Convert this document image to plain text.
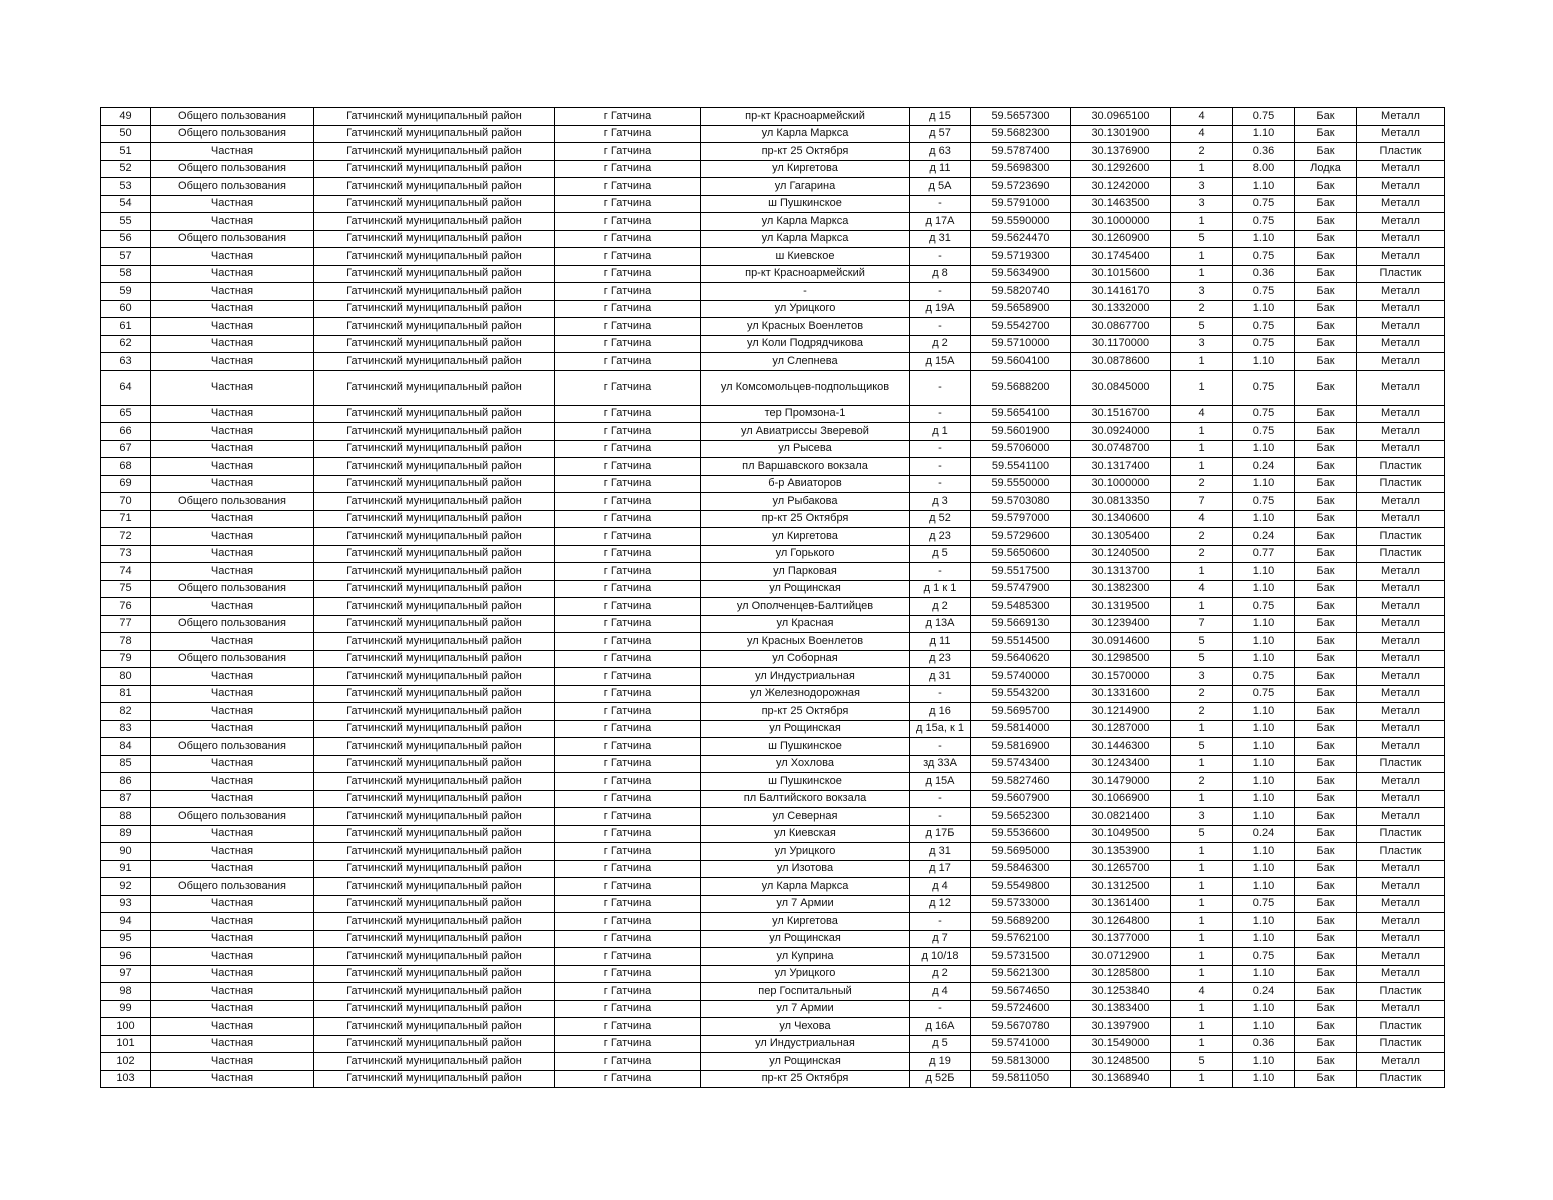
49	Общего пользования	Гатчинский муниципальный район	г Гатчина	пр-кт Красноармейский	д 15	59.5657300	30.0965100	4	0.75	Бак	Металл
50	Общего пользования	Гатчинский муниципальный район	г Гатчина	ул Карла Маркса	д 57	59.5682300	30.1301900	4	1.10	Бак	Металл
51	Частная	Гатчинский муниципальный район	г Гатчина	пр-кт 25 Октября	д 63	59.5787400	30.1376900	2	0.36	Бак	Пластик
52	Общего пользования	Гатчинский муниципальный район	г Гатчина	ул Киргетова	д 11	59.5698300	30.1292600	1	8.00	Лодка	Металл
53	Общего пользования	Гатчинский муниципальный район	г Гатчина	ул Гагарина	д 5А	59.5723690	30.1242000	3	1.10	Бак	Металл
54	Частная	Гатчинский муниципальный район	г Гатчина	ш Пушкинское	-	59.5791000	30.1463500	3	0.75	Бак	Металл
55	Частная	Гатчинский муниципальный район	г Гатчина	ул Карла Маркса	д 17А	59.5590000	30.1000000	1	0.75	Бак	Металл
56	Общего пользования	Гатчинский муниципальный район	г Гатчина	ул Карла Маркса	д 31	59.5624470	30.1260900	5	1.10	Бак	Металл
57	Частная	Гатчинский муниципальный район	г Гатчина	ш Киевское	-	59.5719300	30.1745400	1	0.75	Бак	Металл
58	Частная	Гатчинский муниципальный район	г Гатчина	пр-кт Красноармейский	д 8	59.5634900	30.1015600	1	0.36	Бак	Пластик
59	Частная	Гатчинский муниципальный район	г Гатчина	-	-	59.5820740	30.1416170	3	0.75	Бак	Металл
60	Частная	Гатчинский муниципальный район	г Гатчина	ул Урицкого	д 19А	59.5658900	30.1332000	2	1.10	Бак	Металл
61	Частная	Гатчинский муниципальный район	г Гатчина	ул Красных Военлетов	-	59.5542700	30.0867700	5	0.75	Бак	Металл
62	Частная	Гатчинский муниципальный район	г Гатчина	ул Коли Подрядчикова	д 2	59.5710000	30.1170000	3	0.75	Бак	Металл
63	Частная	Гатчинский муниципальный район	г Гатчина	ул Слепнева	д 15А	59.5604100	30.0878600	1	1.10	Бак	Металл
64	Частная	Гатчинский муниципальный район	г Гатчина	ул Комсомольцев-подпольщиков	-	59.5688200	30.0845000	1	0.75	Бак	Металл
65	Частная	Гатчинский муниципальный район	г Гатчина	тер Промзона-1	-	59.5654100	30.1516700	4	0.75	Бак	Металл
66	Частная	Гатчинский муниципальный район	г Гатчина	ул Авиатриссы Зверевой	д 1	59.5601900	30.0924000	1	0.75	Бак	Металл
67	Частная	Гатчинский муниципальный район	г Гатчина	ул Рысева	-	59.5706000	30.0748700	1	1.10	Бак	Металл
68	Частная	Гатчинский муниципальный район	г Гатчина	пл Варшавского вокзала	-	59.5541100	30.1317400	1	0.24	Бак	Пластик
69	Частная	Гатчинский муниципальный район	г Гатчина	б-р Авиаторов	-	59.5550000	30.1000000	2	1.10	Бак	Пластик
70	Общего пользования	Гатчинский муниципальный район	г Гатчина	ул Рыбакова	д 3	59.5703080	30.0813350	7	0.75	Бак	Металл
71	Частная	Гатчинский муниципальный район	г Гатчина	пр-кт 25 Октября	д 52	59.5797000	30.1340600	4	1.10	Бак	Металл
72	Частная	Гатчинский муниципальный район	г Гатчина	ул Киргетова	д 23	59.5729600	30.1305400	2	0.24	Бак	Пластик
73	Частная	Гатчинский муниципальный район	г Гатчина	ул Горького	д 5	59.5650600	30.1240500	2	0.77	Бак	Пластик
74	Частная	Гатчинский муниципальный район	г Гатчина	ул Парковая	-	59.5517500	30.1313700	1	1.10	Бак	Металл
75	Общего пользования	Гатчинский муниципальный район	г Гатчина	ул Рощинская	д 1 к 1	59.5747900	30.1382300	4	1.10	Бак	Металл
76	Частная	Гатчинский муниципальный район	г Гатчина	ул Ополченцев-Балтийцев	д 2	59.5485300	30.1319500	1	0.75	Бак	Металл
77	Общего пользования	Гатчинский муниципальный район	г Гатчина	ул Красная	д 13А	59.5669130	30.1239400	7	1.10	Бак	Металл
78	Частная	Гатчинский муниципальный район	г Гатчина	ул Красных Военлетов	д 11	59.5514500	30.0914600	5	1.10	Бак	Металл
79	Общего пользования	Гатчинский муниципальный район	г Гатчина	ул Соборная	д 23	59.5640620	30.1298500	5	1.10	Бак	Металл
80	Частная	Гатчинский муниципальный район	г Гатчина	ул Индустриальная	д 31	59.5740000	30.1570000	3	0.75	Бак	Металл
81	Частная	Гатчинский муниципальный район	г Гатчина	ул Железнодорожная	-	59.5543200	30.1331600	2	0.75	Бак	Металл
82	Частная	Гатчинский муниципальный район	г Гатчина	пр-кт 25 Октября	д 16	59.5695700	30.1214900	2	1.10	Бак	Металл
83	Частная	Гатчинский муниципальный район	г Гатчина	ул Рощинская	д 15а, к 1	59.5814000	30.1287000	1	1.10	Бак	Металл
84	Общего пользования	Гатчинский муниципальный район	г Гатчина	ш Пушкинское	-	59.5816900	30.1446300	5	1.10	Бак	Металл
85	Частная	Гатчинский муниципальный район	г Гатчина	ул Хохлова	зд 33А	59.5743400	30.1243400	1	1.10	Бак	Пластик
86	Частная	Гатчинский муниципальный район	г Гатчина	ш Пушкинское	д 15А	59.5827460	30.1479000	2	1.10	Бак	Металл
87	Частная	Гатчинский муниципальный район	г Гатчина	пл Балтийского вокзала	-	59.5607900	30.1066900	1	1.10	Бак	Металл
88	Общего пользования	Гатчинский муниципальный район	г Гатчина	ул Северная	-	59.5652300	30.0821400	3	1.10	Бак	Металл
89	Частная	Гатчинский муниципальный район	г Гатчина	ул Киевская	д 17Б	59.5536600	30.1049500	5	0.24	Бак	Пластик
90	Частная	Гатчинский муниципальный район	г Гатчина	ул Урицкого	д 31	59.5695000	30.1353900	1	1.10	Бак	Пластик
91	Частная	Гатчинский муниципальный район	г Гатчина	ул Изотова	д 17	59.5846300	30.1265700	1	1.10	Бак	Металл
92	Общего пользования	Гатчинский муниципальный район	г Гатчина	ул Карла Маркса	д 4	59.5549800	30.1312500	1	1.10	Бак	Металл
93	Частная	Гатчинский муниципальный район	г Гатчина	ул 7 Армии	д 12	59.5733000	30.1361400	1	0.75	Бак	Металл
94	Частная	Гатчинский муниципальный район	г Гатчина	ул Киргетова	-	59.5689200	30.1264800	1	1.10	Бак	Металл
95	Частная	Гатчинский муниципальный район	г Гатчина	ул Рощинская	д 7	59.5762100	30.1377000	1	1.10	Бак	Металл
96	Частная	Гатчинский муниципальный район	г Гатчина	ул Куприна	д 10/18	59.5731500	30.0712900	1	0.75	Бак	Металл
97	Частная	Гатчинский муниципальный район	г Гатчина	ул Урицкого	д 2	59.5621300	30.1285800	1	1.10	Бак	Металл
98	Частная	Гатчинский муниципальный район	г Гатчина	пер Госпитальный	д 4	59.5674650	30.1253840	4	0.24	Бак	Пластик
99	Частная	Гатчинский муниципальный район	г Гатчина	ул 7 Армии	-	59.5724600	30.1383400	1	1.10	Бак	Металл
100	Частная	Гатчинский муниципальный район	г Гатчина	ул Чехова	д 16А	59.5670780	30.1397900	1	1.10	Бак	Пластик
101	Частная	Гатчинский муниципальный район	г Гатчина	ул Индустриальная	д 5	59.5741000	30.1549000	1	0.36	Бак	Пластик
102	Частная	Гатчинский муниципальный район	г Гатчина	ул Рощинская	д 19	59.5813000	30.1248500	5	1.10	Бак	Металл
103	Частная	Гатчинский муниципальный район	г Гатчина	пр-кт 25 Октября	д 52Б	59.5811050	30.1368940	1	1.10	Бак	Пластик
